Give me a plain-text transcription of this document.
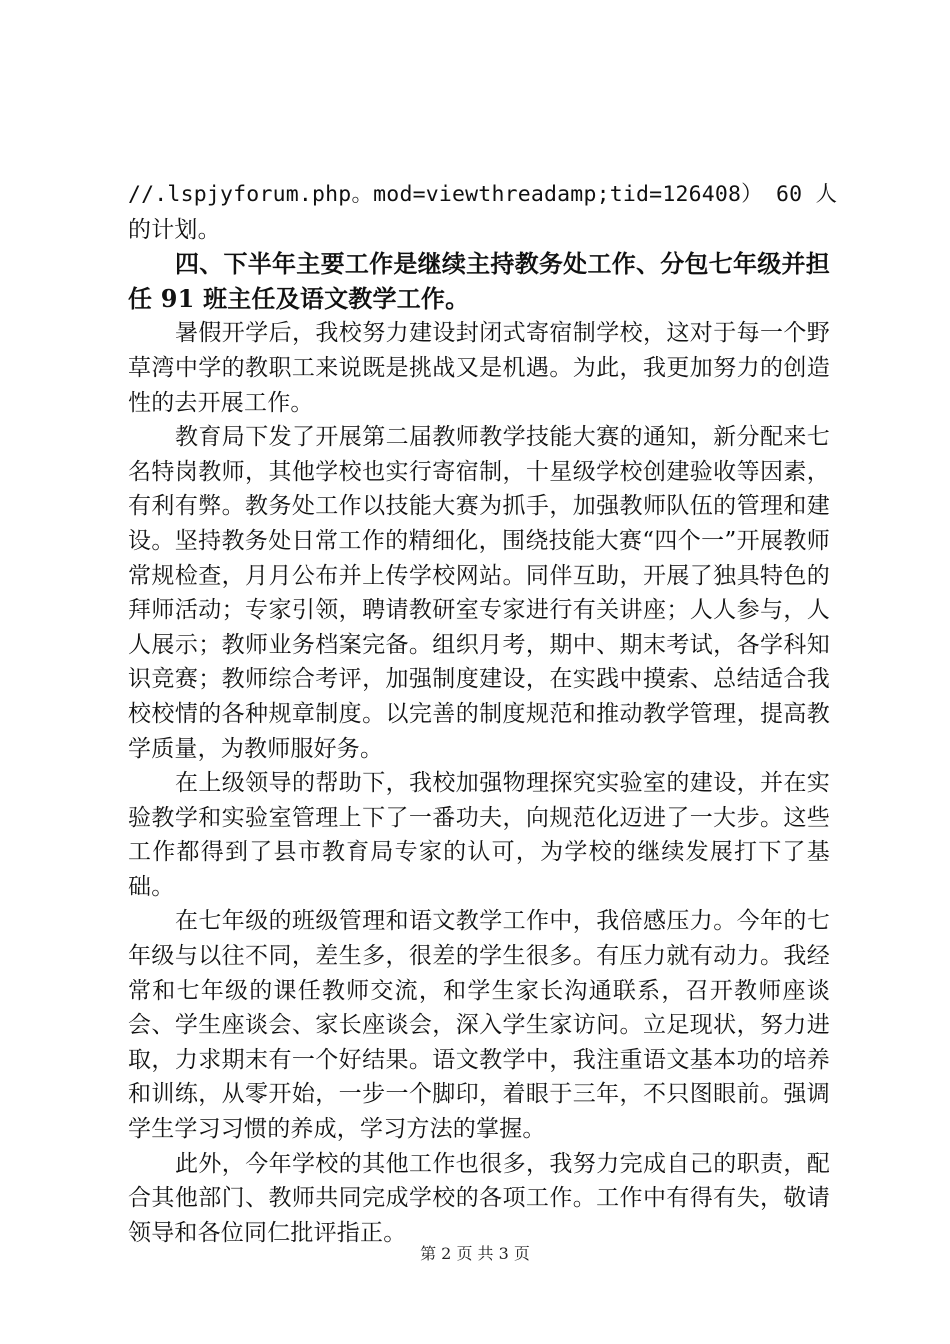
//.lspjyforum.php。mod=viewthreadamp;tid=126408） 60 人
的计划。

四、下半年主要工作是继续主持教务处工作、分包七年级并担任 91 班主任及语文教学工作。

暑假开学后，我校努力建设封闭式寄宿制学校，这对于每一个野草湾中学的教职工来说既是挑战又是机遇。为此，我更加努力的创造性的去开展工作。

教育局下发了开展第二届教师教学技能大赛的通知，新分配来七名特岗教师，其他学校也实行寄宿制，十星级学校创建验收等因素，有利有弊。教务处工作以技能大赛为抓手，加强教师队伍的管理和建设。坚持教务处日常工作的精细化，围绕技能大赛“四个一”开展教师常规检查，月月公布并上传学校网站。同伴互助，开展了独具特色的拜师活动；专家引领，聘请教研室专家进行有关讲座；人人参与，人人展示；教师业务档案完备。组织月考，期中、期末考试，各学科知识竞赛；教师综合考评，加强制度建设，在实践中摸索、总结适合我校校情的各种规章制度。以完善的制度规范和推动教学管理，提高教学质量，为教师服好务。

在上级领导的帮助下，我校加强物理探究实验室的建设，并在实验教学和实验室管理上下了一番功夫，向规范化迈进了一大步。这些工作都得到了县市教育局专家的认可，为学校的继续发展打下了基础。

在七年级的班级管理和语文教学工作中，我倍感压力。今年的七年级与以往不同，差生多，很差的学生很多。有压力就有动力。我经常和七年级的课任教师交流，和学生家长沟通联系，召开教师座谈会、学生座谈会、家长座谈会，深入学生家访问。立足现状，努力进取，力求期末有一个好结果。语文教学中，我注重语文基本功的培养和训练，从零开始，一步一个脚印，着眼于三年，不只图眼前。强调学生学习习惯的养成，学习方法的掌握。

此外，今年学校的其他工作也很多，我努力完成自己的职责，配合其他部门、教师共同完成学校的各项工作。工作中有得有失，敬请领导和各位同仁批评指正。

第 2 页 共 3 页
